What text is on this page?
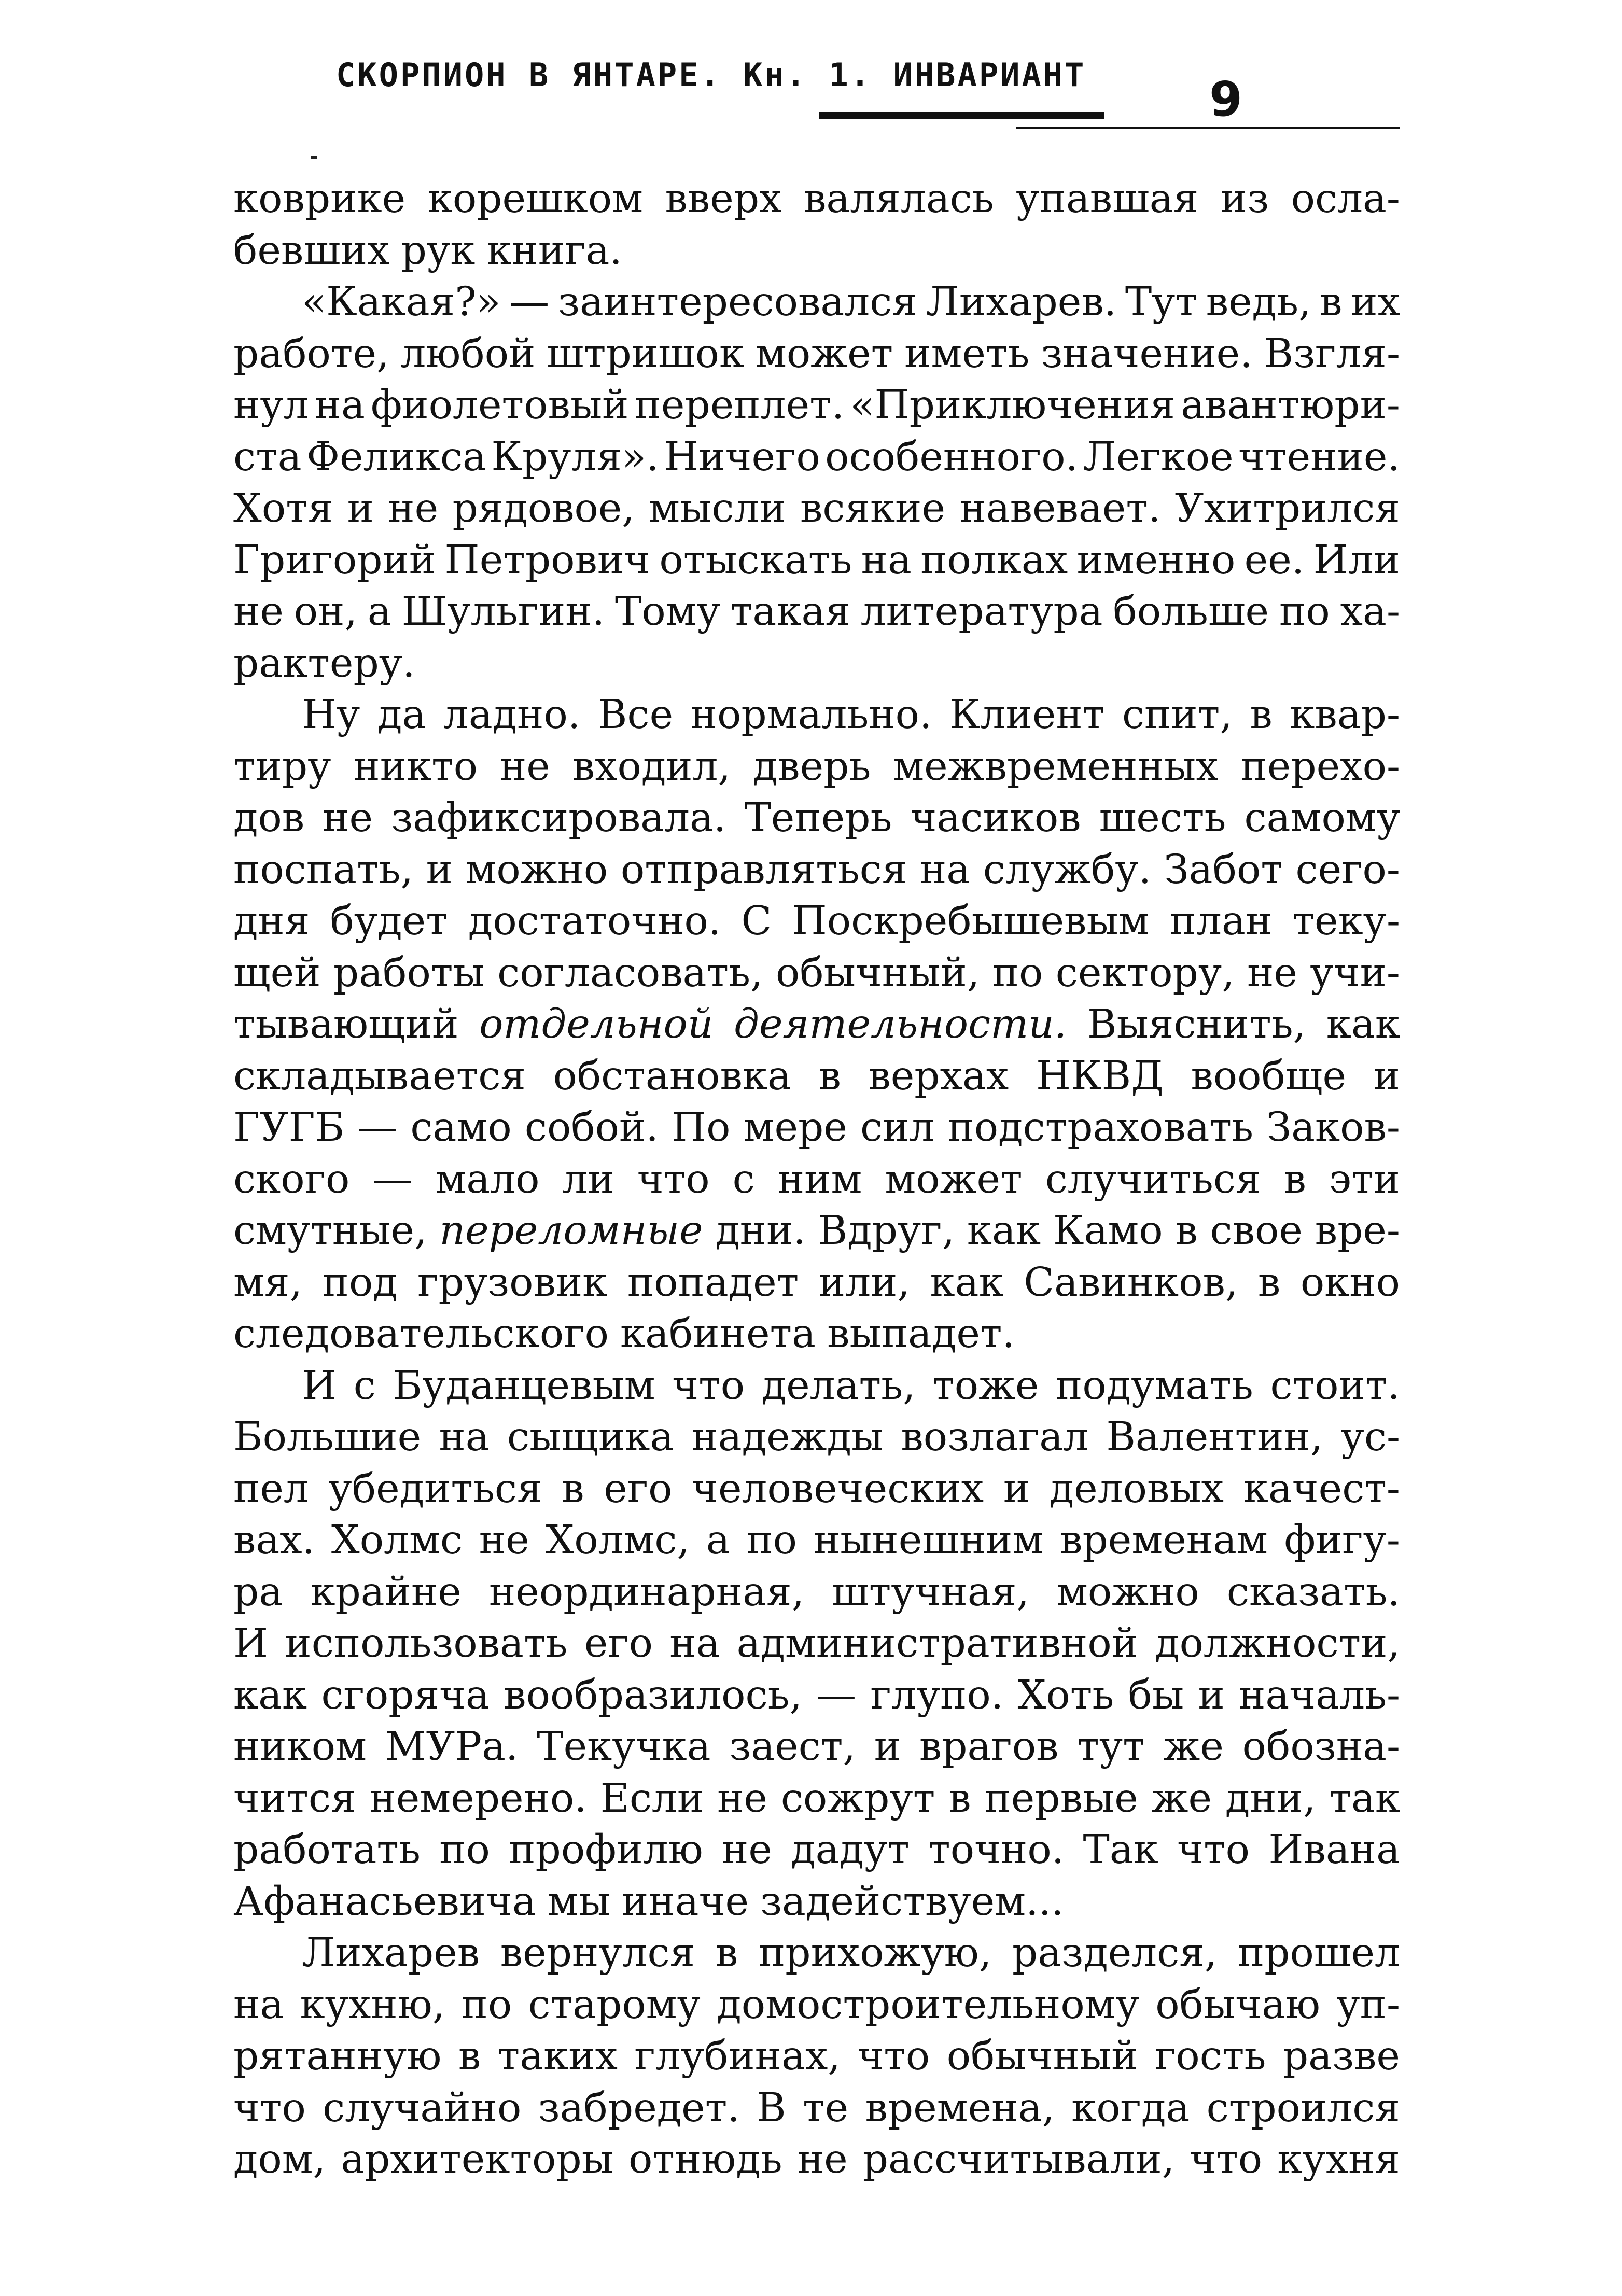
СКОРПИОН В ЯНТАРЕ. Кн. 1. ИНВАРИАНТ	9
коврике корешком вверх валялась упавшая из осла-
бевших рук книга.
«Какая?» — заинтересовался Лихарев. Тут ведь, в их
работе, любой штришок может иметь значение. Взгля-
нул на фиолетовый переплет. «Приключения авантюри-
ста Феликса Круля». Ничего особенного. Легкое чтение.
Хотя и не рядовое, мысли всякие навевает. Ухитрился
Григорий Петрович отыскать на полках именно ее. Или
не он, а Шульгин. Тому такая литература больше по ха-
рактеру.
Ну да ладно. Все нормально. Клиент спит, в квар-
тиру никто не входил, дверь межвременных перехо-
дов не зафиксировала. Теперь часиков шесть самому
поспать, и можно отправляться на службу. Забот сего-
дня будет достаточно. С Поскребышевым план теку-
щей работы согласовать, обычный, по сектору, не учи-
тывающий отдельной деятельности. Выяснить, как
складывается обстановка в верхах НКВД вообще и
ГУГБ — само собой. По мере сил подстраховать Заков-
ского — мало ли что с ним может случиться в эти
смутные, переломные дни. Вдруг, как Камо в свое вре-
мя, под грузовик попадет или, как Савинков, в окно
следовательского кабинета выпадет.
И с Буданцевым что делать, тоже подумать стоит.
Большие на сыщика надежды возлагал Валентин, ус-
пел убедиться в его человеческих и деловых качест-
вах. Холмс не Холмс, а по нынешним временам фигу-
ра крайне неординарная, штучная, можно сказать.
И использовать его на административной должности,
как сгоряча вообразилось, — глупо. Хоть бы и началь-
ником МУРа. Текучка заест, и врагов тут же обозна-
чится немерено. Если не сожрут в первые же дни, так
работать по профилю не дадут точно. Так что Ивана
Афанасьевича мы иначе задействуем...
Лихарев вернулся в прихожую, разделся, прошел
на кухню, по старому домостроительному обычаю уп-
рятанную в таких глубинах, что обычный гость разве
что случайно забредет. В те времена, когда строился
дом, архитекторы отнюдь не рассчитывали, что кухня
